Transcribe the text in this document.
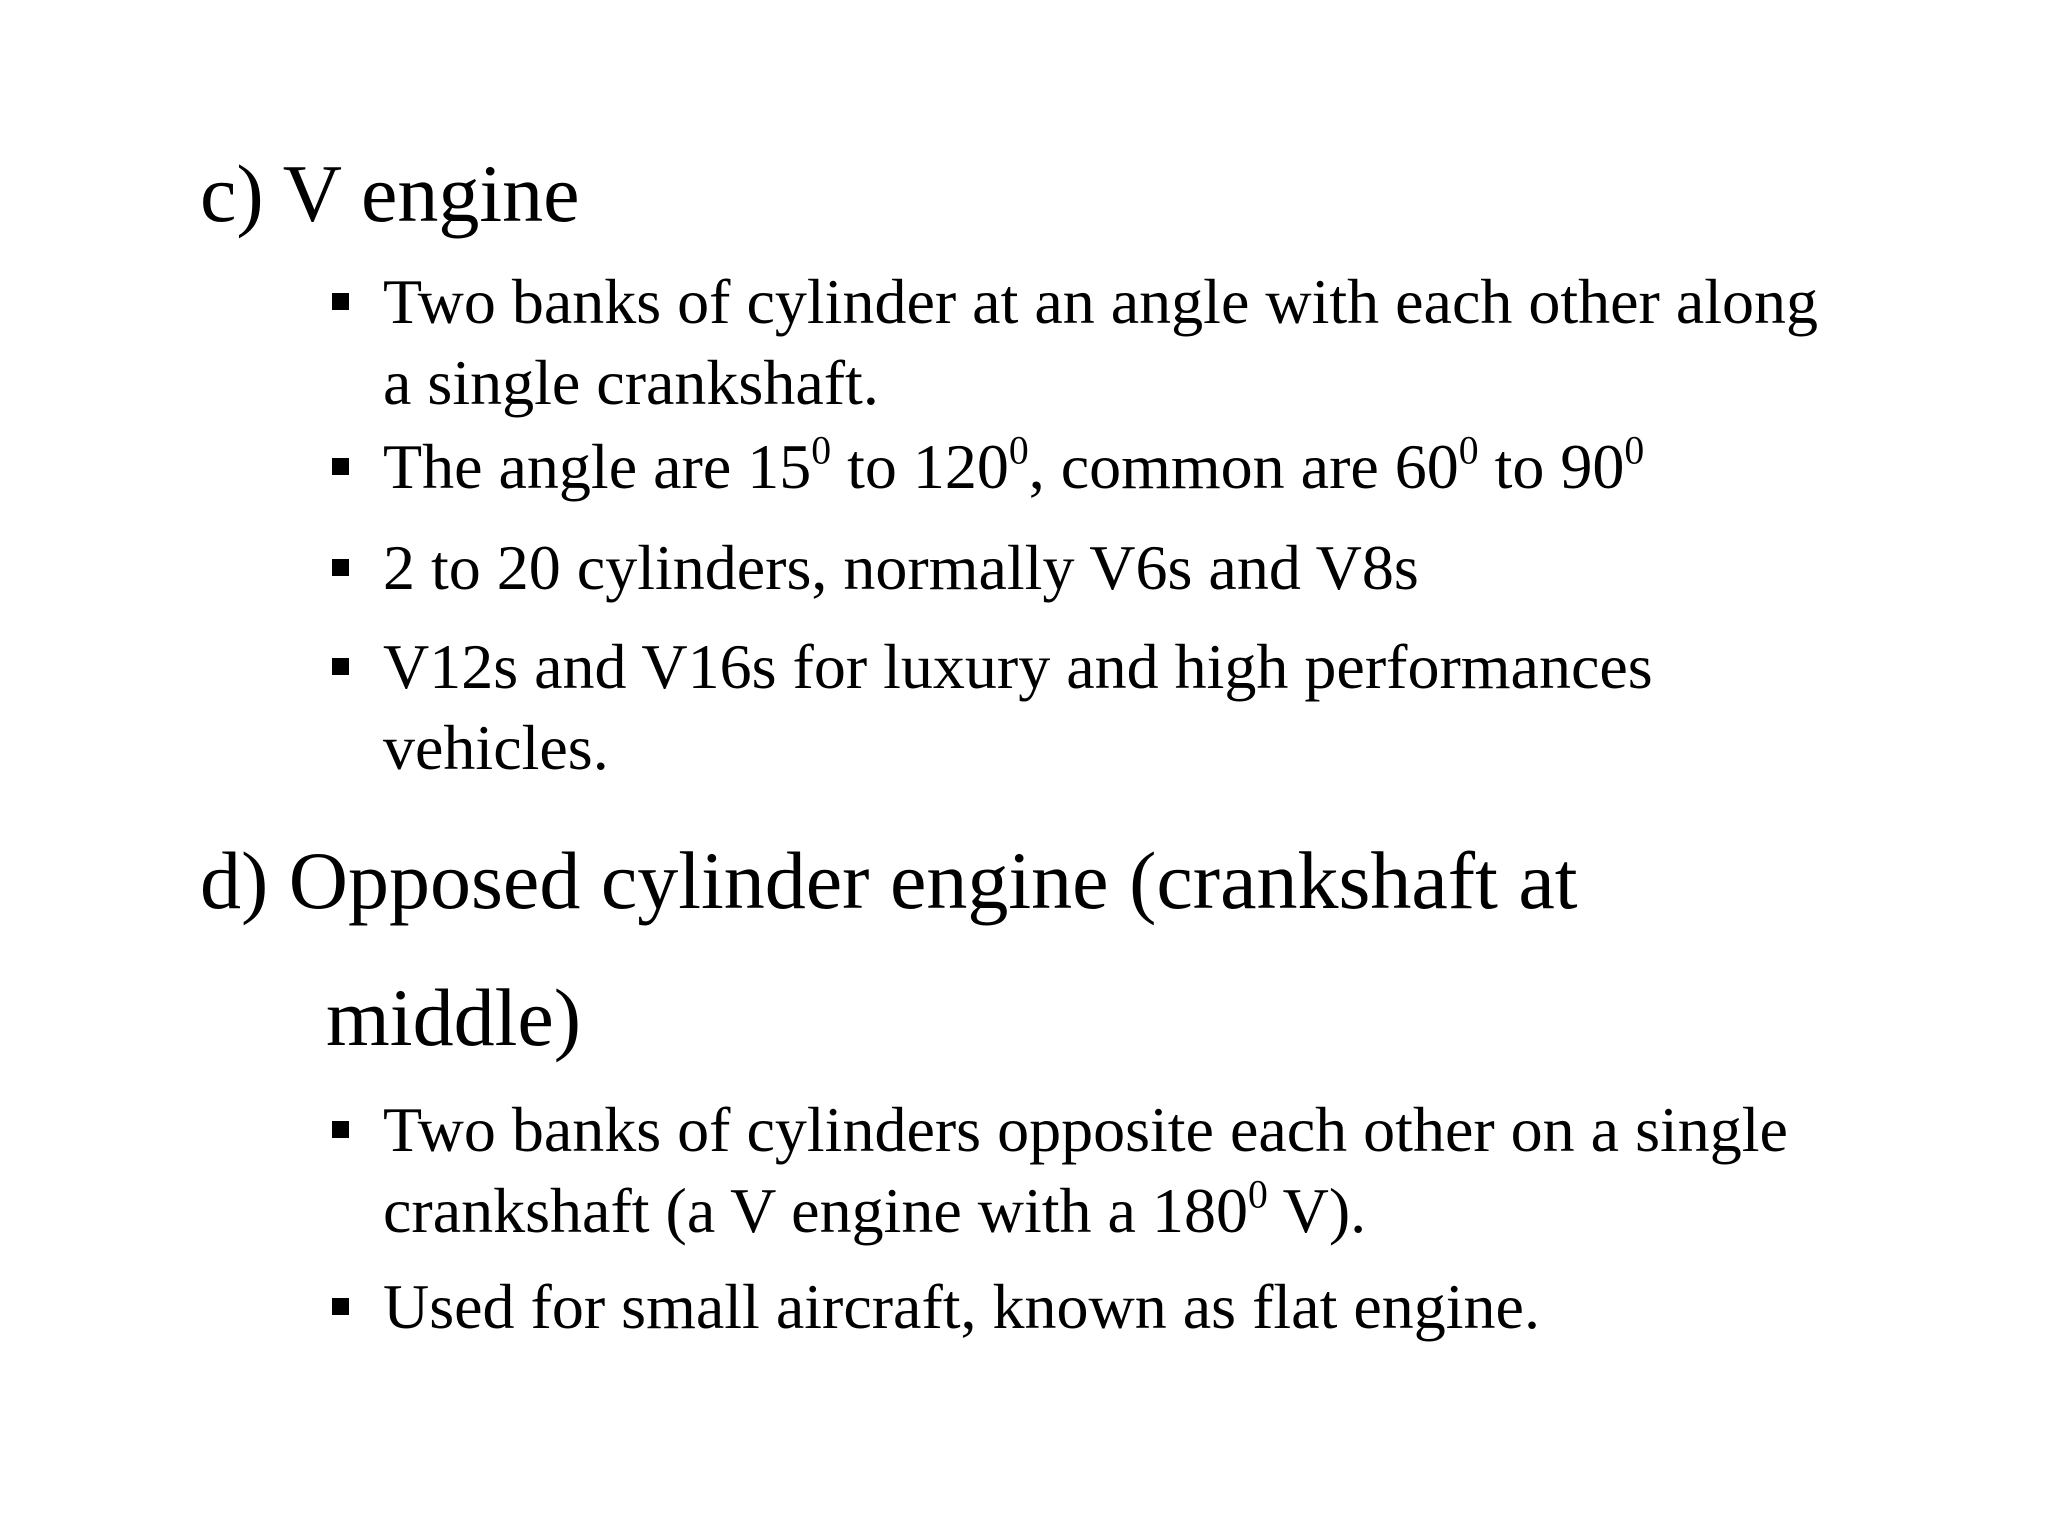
c) V engine
Two banks of cylinder at an angle with each other along
a single crankshaft.
The angle are $15^0$ to $120^0$, common are $60^0$ to $90^0$
2 to 20 cylinders, normally V6s and V8s
V12s and V16s for luxury and high performances
vehicles.
d) Opposed cylinder engine (crankshaft at
middle)
Two banks of cylinders opposite each other on a single
crankshaft (a V engine with a $180^0$ V).
Used for small aircraft, known as flat engine.
